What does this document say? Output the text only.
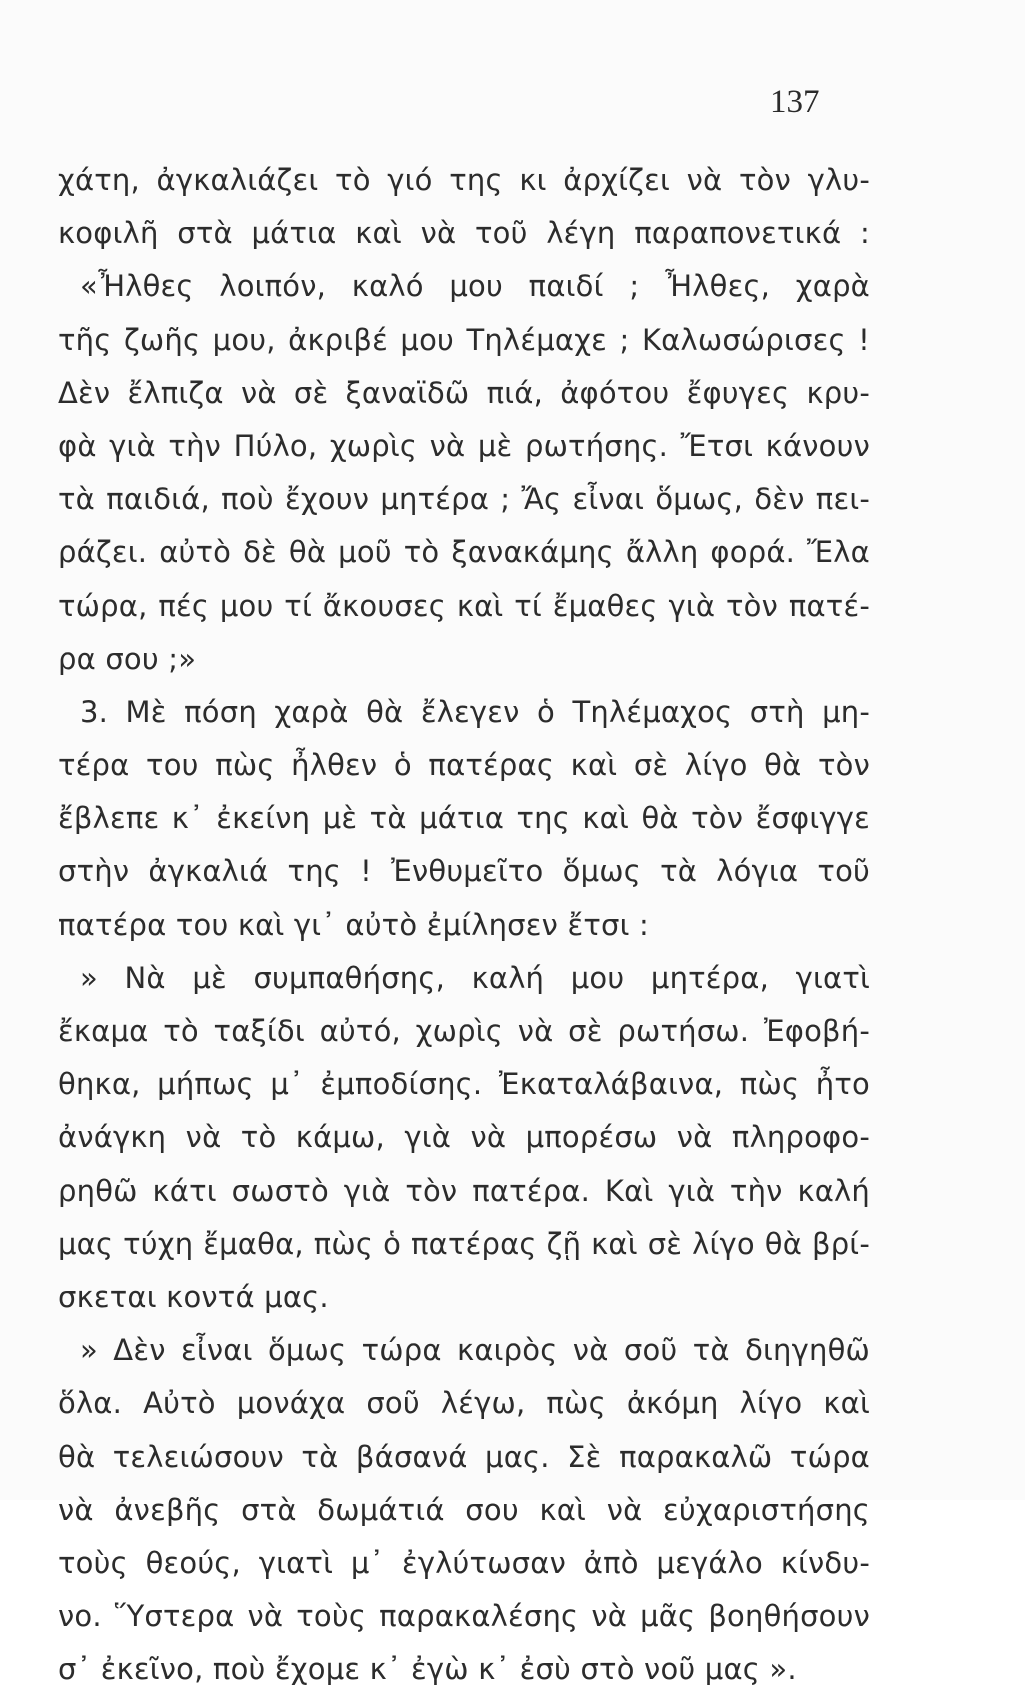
137
χάτη, ἀγκαλιάζει τὸ γιό της κι ἀρχίζει νὰ τὸν γλυ-
κοφιλῆ στὰ μάτια καὶ νὰ τοῦ λέγη παραπονετικά :
«Ἦλθες λοιπόν, καλό μου παιδί ; Ἦλθες, χαρὰ
τῆς ζωῆς μου, ἀκριβέ μου Τηλέμαχε ; Καλωσώρισες !
Δὲν ἔλπιζα νὰ σὲ ξαναϊδῶ πιά, ἀφότου ἔφυγες κρυ-
φὰ γιὰ τὴν Πύλο, χωρὶς νὰ μὲ ρωτήσης. Ἔτσι κάνουν
τὰ παιδιά, ποὺ ἔχουν μητέρα ; Ἄς εἶναι ὅμως, δὲν πει-
ράζει. αὐτὸ δὲ θὰ μοῦ τὸ ξανακάμης ἄλλη φορά. Ἔλα
τώρα, πές μου τί ἄκουσες καὶ τί ἔμαθες γιὰ τὸν πατέ-
ρα σου ;»
3. Μὲ πόση χαρὰ θὰ ἔλεγεν ὁ Τηλέμαχος στὴ μη-
τέρα του πὼς ἦλθεν ὁ πατέρας καὶ σὲ λίγο θὰ τὸν
ἔβλεπε κ᾽ ἐκείνη μὲ τὰ μάτια της καὶ θὰ τὸν ἔσφιγγε
στὴν ἀγκαλιά της ! Ἐνθυμεῖτο ὅμως τὰ λόγια τοῦ
πατέρα του καὶ γι᾽ αὐτὸ ἐμίλησεν ἔτσι :
» Νὰ μὲ συμπαθήσης, καλή μου μητέρα, γιατὶ
ἔκαμα τὸ ταξίδι αὐτό, χωρὶς νὰ σὲ ρωτήσω. Ἐφοβή-
θηκα, μήπως μ᾽ ἐμποδίσης. Ἐκαταλάβαινα, πὼς ἦτο
ἀνάγκη νὰ τὸ κάμω, γιὰ νὰ μπορέσω νὰ πληροφο-
ρηθῶ κάτι σωστὸ γιὰ τὸν πατέρα. Καὶ γιὰ τὴν καλή
μας τύχη ἔμαθα, πὼς ὁ πατέρας ζῇ καὶ σὲ λίγο θὰ βρί-
σκεται κοντά μας.
» Δὲν εἶναι ὅμως τώρα καιρὸς νὰ σοῦ τὰ διηγηθῶ
ὅλα. Αὐτὸ μονάχα σοῦ λέγω, πὼς ἀκόμη λίγο καὶ
θὰ τελειώσουν τὰ βάσανά μας. Σὲ παρακαλῶ τώρα
νὰ ἀνεβῆς στὰ δωμάτιά σου καὶ νὰ εὐχαριστήσης
τοὺς θεούς, γιατὶ μ᾽ ἐγλύτωσαν ἀπὸ μεγάλο κίνδυ-
νο. Ὕστερα νὰ τοὺς παρακαλέσης νὰ μᾶς βοηθήσουν
σ᾽ ἐκεῖνο, ποὺ ἔχομε κ᾽ ἐγὼ κ᾽ ἐσὺ στὸ νοῦ μας ».
